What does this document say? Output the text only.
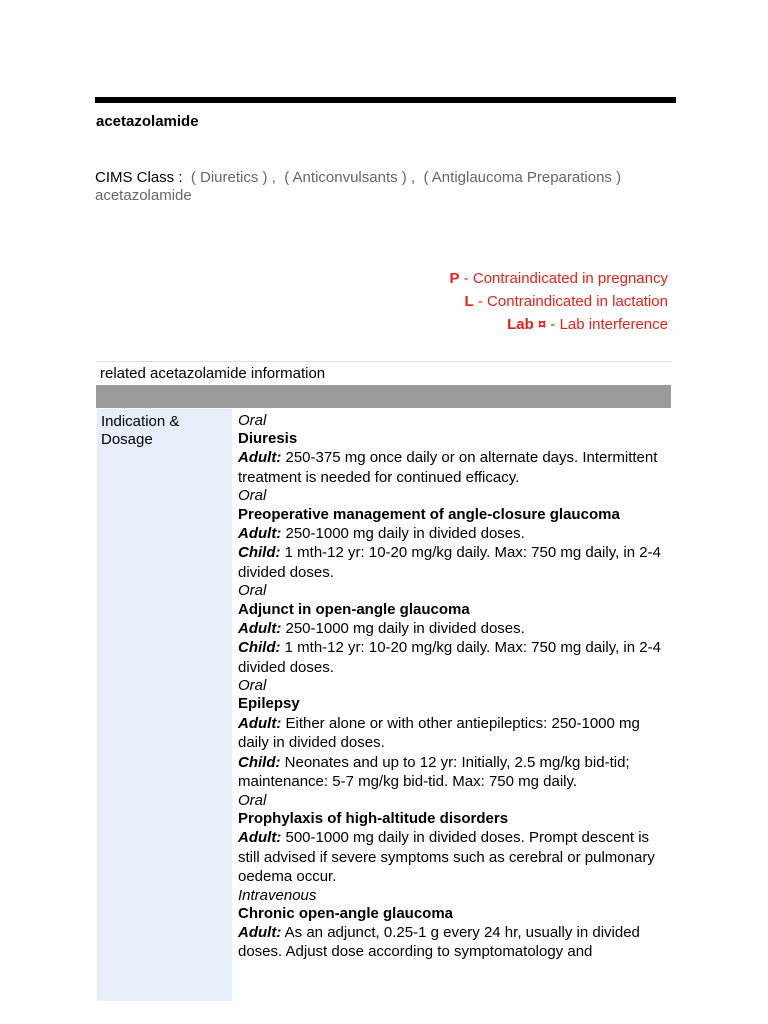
acetazolamide
CIMS Class : ( Diuretics ) , ( Anticonvulsants ) , ( Antiglaucoma Preparations )
acetazolamide
P - Contraindicated in pregnancy
L - Contraindicated in lactation
Lab ¤ - Lab interference
related acetazolamide information
Indication & Dosage
Oral
Diuresis
Adult: 250-375 mg once daily or on alternate days. Intermittent treatment is needed for continued efficacy.
Oral
Preoperative management of angle-closure glaucoma
Adult: 250-1000 mg daily in divided doses.
Child: 1 mth-12 yr: 10-20 mg/kg daily. Max: 750 mg daily, in 2-4 divided doses.
Oral
Adjunct in open-angle glaucoma
Adult: 250-1000 mg daily in divided doses.
Child: 1 mth-12 yr: 10-20 mg/kg daily. Max: 750 mg daily, in 2-4 divided doses.
Oral
Epilepsy
Adult: Either alone or with other antiepileptics: 250-1000 mg daily in divided doses.
Child: Neonates and up to 12 yr: Initially, 2.5 mg/kg bid-tid; maintenance: 5-7 mg/kg bid-tid. Max: 750 mg daily.
Oral
Prophylaxis of high-altitude disorders
Adult: 500-1000 mg daily in divided doses. Prompt descent is still advised if severe symptoms such as cerebral or pulmonary oedema occur.
Intravenous
Chronic open-angle glaucoma
Adult: As an adjunct, 0.25-1 g every 24 hr, usually in divided doses. Adjust dose according to symptomatology and
